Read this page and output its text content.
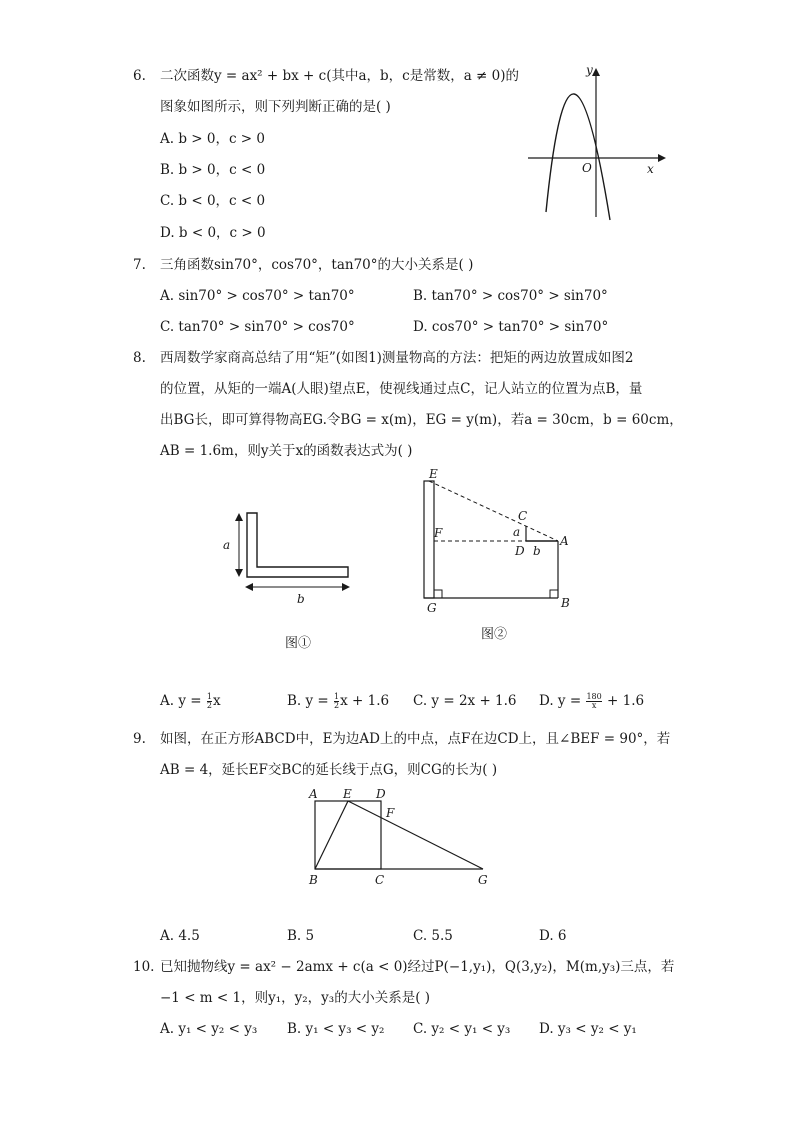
6. 二次函数y = ax² + bx + c(其中a，b，c是常数，a ≠ 0)的
图象如图所示，则下列判断正确的是( )
A. b > 0，c > 0
B. b > 0，c < 0
C. b < 0，c < 0
D. b < 0，c > 0
y
x
O
7. 三角函数sin70°，cos70°，tan70°的大小关系是( )
A. sin70° > cos70° > tan70°	B. tan70° > cos70° > sin70°
C. tan70° > sin70° > cos70°	D. cos70° > tan70° > sin70°
8. 西周数学家商高总结了用“矩”(如图1)测量物高的方法：把矩的两边放置成如图2
的位置，从矩的一端A(人眼)望点E，使视线通过点C，记人站立的位置为点B，量
出BG长，即可算得物高EG.令BG = x(m)，EG = y(m)，若a = 30cm，b = 60cm，
AB = 1.6m，则y关于x的函数表达式为( )
a
b
图①
E
C
F	a
D b
A
G	B
图②
A. $y = \frac{1}{2}$ x	B. $y = \frac{1}{2}$ x + 1.6 C. y = 2x + 1.6 D. $y = \frac{180}{x} + 1.6$
9. 如图，在正方形ABCD中，E为边AD上的中点，点F在边CD上，且∠BEF = 90°，若
AB = 4，延长EF交BC的延长线于点G，则CG的长为( )
A E D
F
B	C	G
A. 4.5	B. 5	C. 5.5	D. 6
10. 已知抛物线y = ax² − 2amx + c(a < 0)经过P(−1,y₁)，Q(3,y₂)，M(m,y₃)三点，若
−1 < m < 1，则y₁，y₂，y₃的大小关系是( )
A. y₁ < y₂ < y₃ B. y₁ < y₃ < y₂ C. y₂ < y₁ < y₃ D. y₃ < y₂ < y₁
